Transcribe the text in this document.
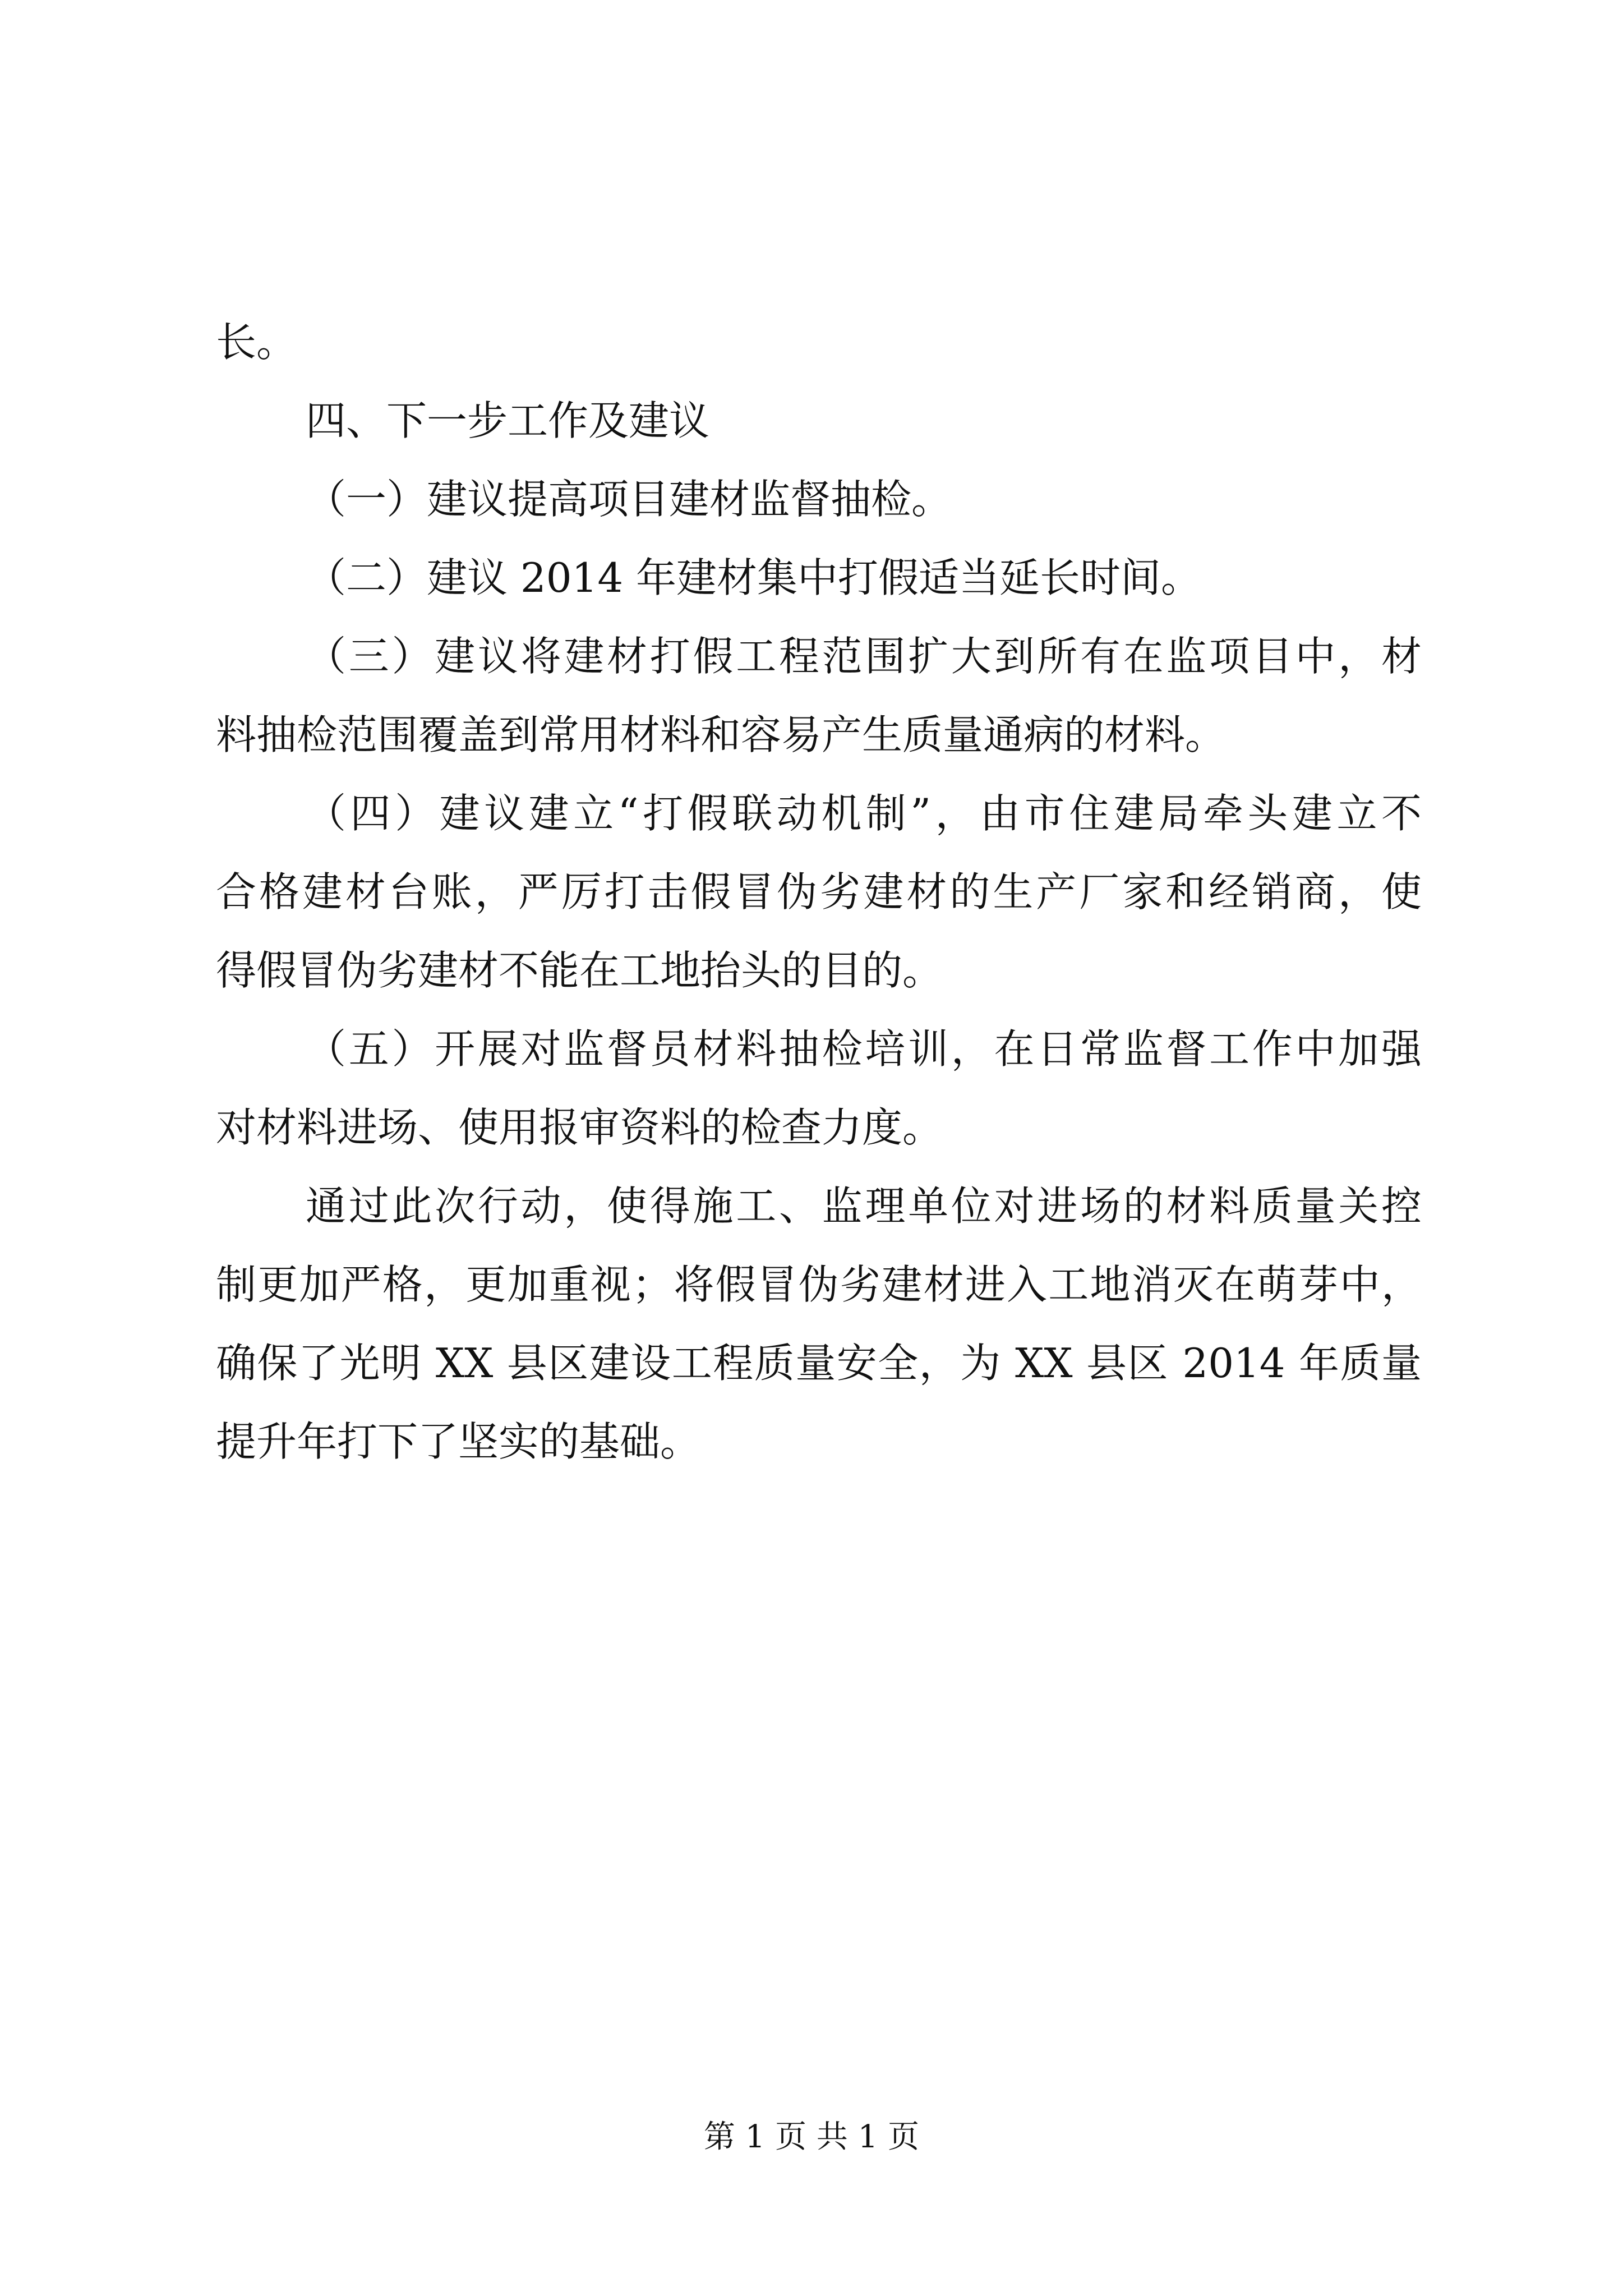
长。
四、下一步工作及建议
（一）建议提高项目建材监督抽检。
（二）建议 2014 年建材集中打假适当延长时间。
（三）建议将建材打假工程范围扩大到所有在监项目中，材
料抽检范围覆盖到常用材料和容易产生质量通病的材料。
（四）建议建立“打假联动机制”，由市住建局牵头建立不
合格建材台账，严厉打击假冒伪劣建材的生产厂家和经销商，使
得假冒伪劣建材不能在工地抬头的目的。
（五）开展对监督员材料抽检培训，在日常监督工作中加强
对材料进场、使用报审资料的检查力度。
通过此次行动，使得施工、监理单位对进场的材料质量关控
制更加严格，更加重视；将假冒伪劣建材进入工地消灭在萌芽中，
确保了光明 XX 县区建设工程质量安全，为 XX 县区 2014 年质量
提升年打下了坚实的基础。
第 1 页 共 1 页
